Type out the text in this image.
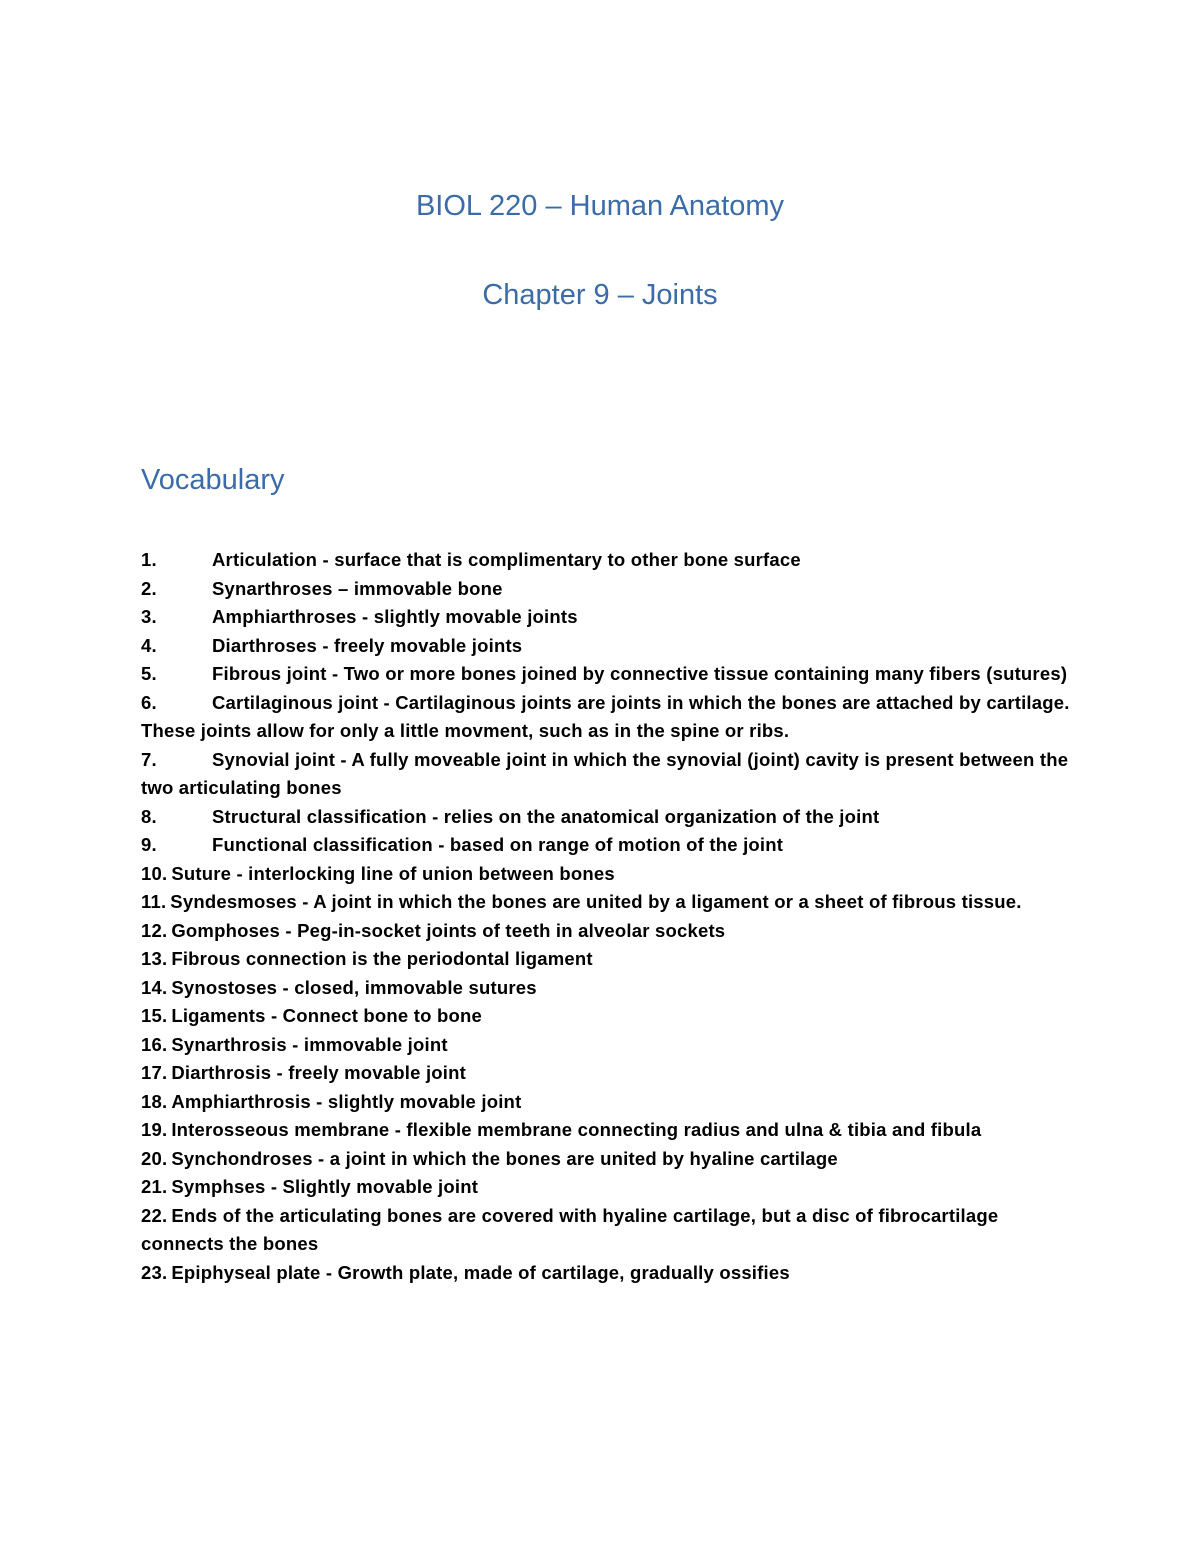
BIOL 220 – Human Anatomy
Chapter 9 – Joints
Vocabulary
1.	Articulation - surface that is complimentary to other bone surface
2.	Synarthroses – immovable bone
3.	Amphiarthroses - slightly movable joints
4.	Diarthroses - freely movable joints
5.	Fibrous joint - Two or more bones joined by connective tissue containing many fibers (sutures)
6.	Cartilaginous joint - Cartilaginous joints are joints in which the bones are attached by cartilage. These joints allow for only a little movment, such as in the spine or ribs.
7.	Synovial joint - A fully moveable joint in which the synovial (joint) cavity is present between the two articulating bones
8.	Structural classification - relies on the anatomical organization of the joint
9.	Functional classification - based on range of motion of the joint
10. Suture - interlocking line of union between bones
11. Syndesmoses - A joint in which the bones are united by a ligament or a sheet of fibrous tissue.
12. Gomphoses - Peg-in-socket joints of teeth in alveolar sockets
13. Fibrous connection is the periodontal ligament
14. Synostoses - closed, immovable sutures
15. Ligaments - Connect bone to bone
16. Synarthrosis - immovable joint
17. Diarthrosis - freely movable joint
18. Amphiarthrosis - slightly movable joint
19. Interosseous membrane - flexible membrane connecting radius and ulna & tibia and fibula
20. Synchondroses - a joint in which the bones are united by hyaline cartilage
21. Symphses - Slightly movable joint
22. Ends of the articulating bones are covered with hyaline cartilage, but a disc of fibrocartilage connects the bones
23. Epiphyseal plate - Growth plate, made of cartilage, gradually ossifies
